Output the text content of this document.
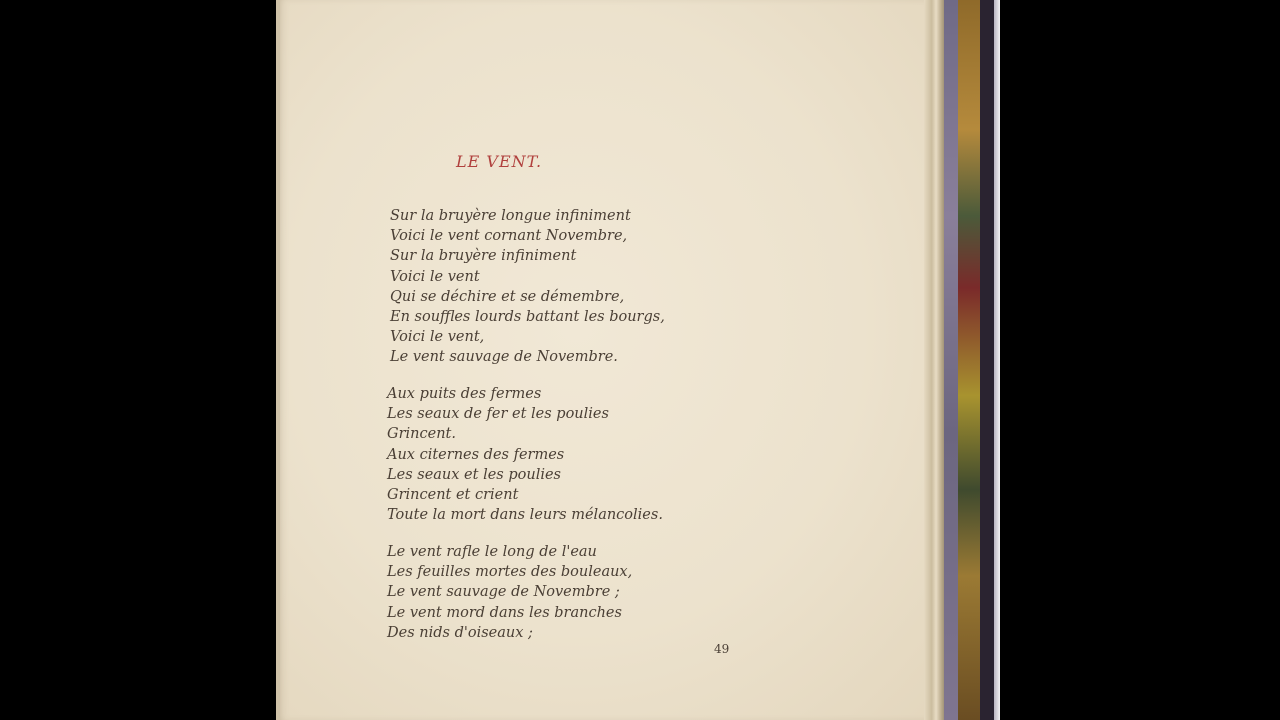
LE VENT.
Sur la bruyère longue infiniment
Voici le vent cornant Novembre,
Sur la bruyère infiniment
Voici le vent
Qui se déchire et se démembre,
En souffles lourds battant les bourgs,
Voici le vent,
Le vent sauvage de Novembre.
Aux puits des fermes
Les seaux de fer et les poulies
Grincent.
Aux citernes des fermes
Les seaux et les poulies
Grincent et crient
Toute la mort dans leurs mélancolies.
Le vent rafle le long de l'eau
Les feuilles mortes des bouleaux,
Le vent sauvage de Novembre ;
Le vent mord dans les branches
Des nids d'oiseaux ;
49
